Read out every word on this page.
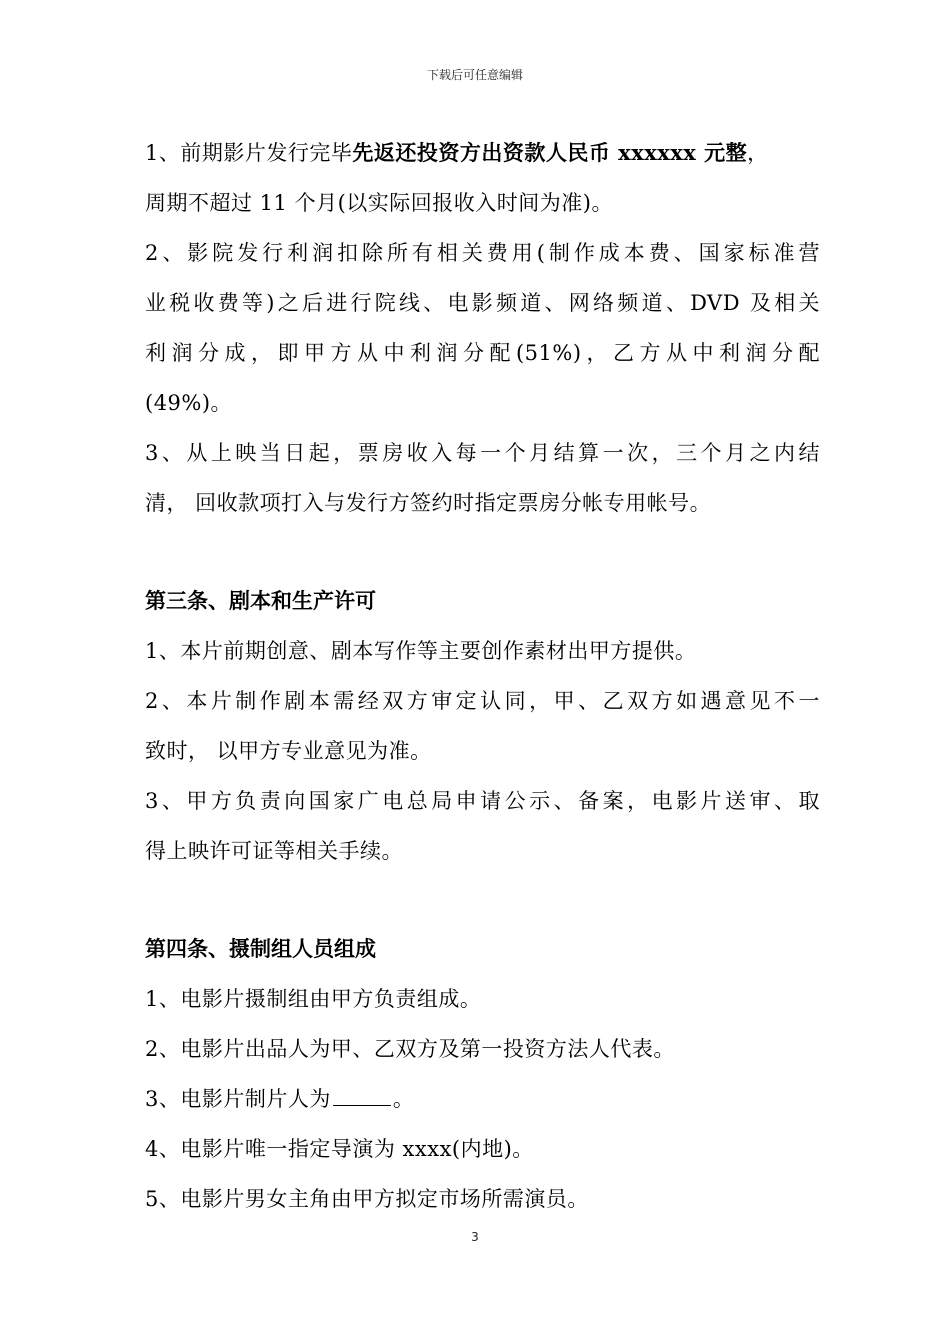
下载后可任意编辑
1、前期影片发行完毕先返还投资方出资款人民币 xxxxxx 元整，
周期不超过 11 个月(以实际回报收入时间为准)。
2、影院发行利润扣除所有相关费用(制作成本费、国家标准营
业税收费等)之后进行院线、电影频道、网络频道、DVD 及相关
利润分成，即甲方从中利润分配(51%)，乙方从中利润分配
(49%)。
3、从上映当日起，票房收入每一个月结算一次，三个月之内结
清， 回收款项打入与发行方签约时指定票房分帐专用帐号。
第三条、剧本和生产许可
1、本片前期创意、剧本写作等主要创作素材出甲方提供。
2、本片制作剧本需经双方审定认同，甲、乙双方如遇意见不一
致时， 以甲方专业意见为准。
3、甲方负责向国家广电总局申请公示、备案，电影片送审、取
得上映许可证等相关手续。
第四条、摄制组人员组成
1、电影片摄制组由甲方负责组成。
2、电影片出品人为甲、乙双方及第一投资方法人代表。
3、电影片制片人为	。
4、电影片唯一指定导演为 xxxx(内地)。
5、电影片男女主角由甲方拟定市场所需演员。
3
